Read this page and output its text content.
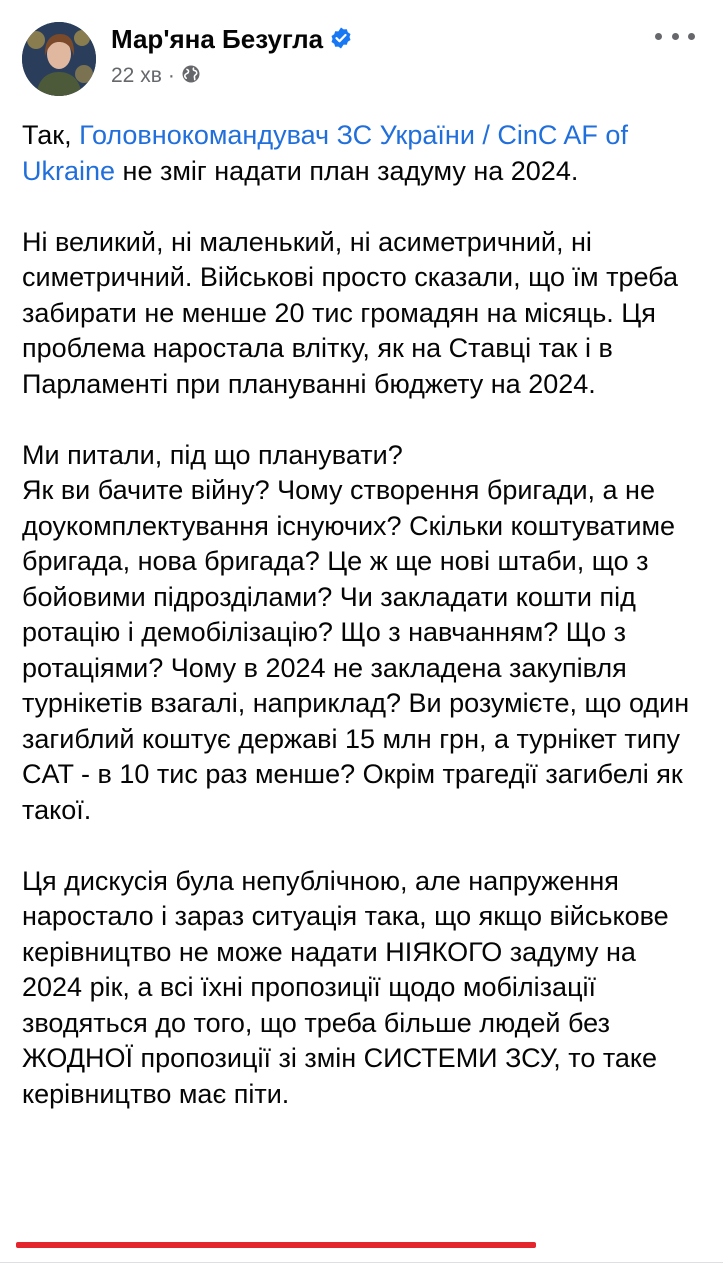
Мар'яна Безугла
22 хв ·

Так, Головнокомандувач ЗС України / CinC AF of Ukraine не зміг надати план задуму на 2024.

Ні великий, ні маленький, ні асиметричний, ні симетричний. Військові просто сказали, що їм треба забирати не менше 20 тис громадян на місяць. Ця проблема наростала влітку, як на Ставці так і в Парламенті при плануванні бюджету на 2024.

Ми питали, під що планувати?
Як ви бачите війну? Чому створення бригади, а не доукомплектування існуючих? Скільки коштуватиме бригада, нова бригада? Це ж ще нові штаби, що з бойовими підрозділами? Чи закладати кошти під ротацію і демобілізацію? Що з навчанням? Що з ротаціями? Чому в 2024 не закладена закупівля турнікетів взагалі, наприклад? Ви розумієте, що один загиблий коштує державі 15 млн грн, а турнікет типу CAT - в 10 тис раз менше? Окрім трагедії загибелі як такої.

Ця дискусія була непублічною, але напруження наростало і зараз ситуація така, що якщо військове керівництво не може надати НІЯКОГО задуму на 2024 рік, а всі їхні пропозиції щодо мобілізації зводяться до того, що треба більше людей без ЖОДНОЇ пропозиції зі змін СИСТЕМИ ЗСУ, то таке керівництво має піти.
